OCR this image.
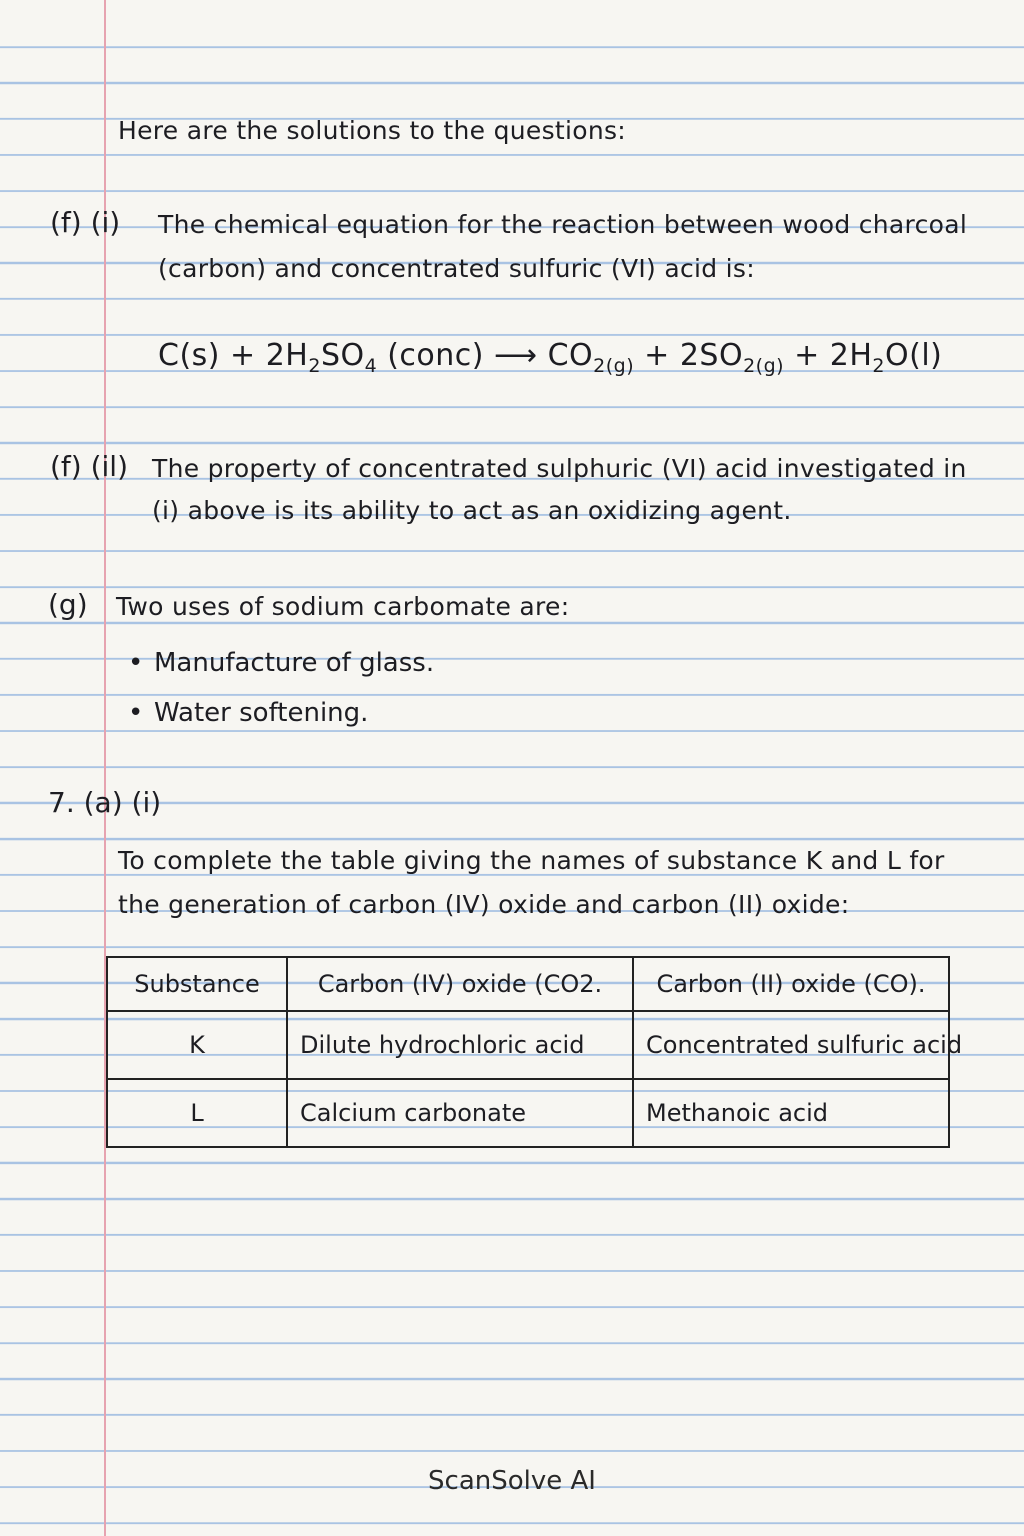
Here are the solutions to the questions:
(f) (i) The chemical equation for the reaction between wood charcoal
(carbon) and concentrated sulfuric (VI) acid is:
$C(s) + 2H_2SO_4$ (conc) ⟶ $CO_{2(g)} + 2SO_{2(g)} + 2H_2O(l)$
(f) (il) The property of concentrated sulphuric (VI) acid investigated in
(i) above is its ability to act as an oxidizing agent.
(g) Two uses of sodium carbomate are:
• Manufacture of glass.
• Water softening.
7. (a) (i)
To complete the table giving the names of substance K and L for
the generation of carbon (IV) oxide and carbon (II) oxide:
Substance	Carbon (IV) oxide (CO2.	Carbon (II) oxide (CO).
K	Dilute hydrochloric acid	Concentrated sulfuric acid
L	Calcium carbonate	Methanoic acid
ScanSolve AI
